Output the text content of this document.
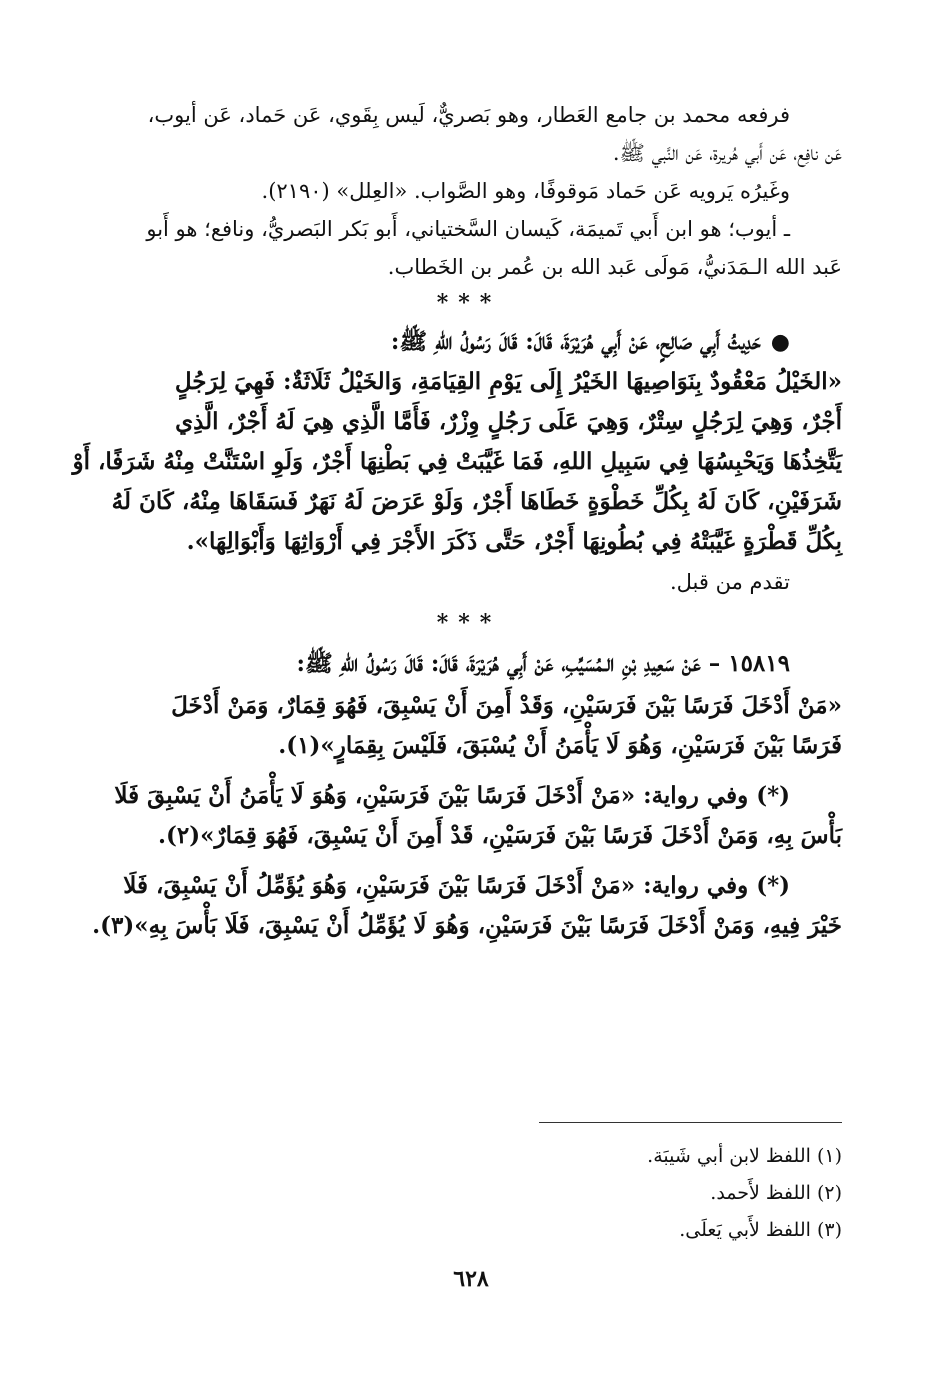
فرفعه محمد بن جامع العَطار، وهو بَصريٌّ، لَيس بِقَوي، عَن حَماد، عَن أيوب،
عَن نافِع، عَن أَبي هُريرة، عَن النَّبي ﷺ.
وغَيرُه يَرويه عَن حَماد مَوقوفًا، وهو الصَّواب. «العِلل» (٢١٩٠).
ـ أيوب؛ هو ابن أَبي تَميمَة، كَيسان السَّختياني، أَبو بَكر البَصريُّ، ونافع؛ هو أَبو
عَبد الله الـمَدَنيُّ، مَولَى عَبد الله بن عُمر بن الخَطاب.
***
●حَدِيثُ أَبِي صَالِحٍ، عَنْ أَبِي هُرَيْرَةَ، قَالَ: قَالَ رَسُولُ اللهِ ﷺ:
«الخَيْلُ مَعْقُودٌ بِنَوَاصِيهَا الخَيْرُ إِلَى يَوْمِ القِيَامَةِ، وَالخَيْلُ ثَلَاثَةٌ: فَهِيَ لِرَجُلٍ
أَجْرٌ، وَهِيَ لِرَجُلٍ سِتْرٌ، وَهِيَ عَلَى رَجُلٍ وِزْرٌ، فَأَمَّا الَّذِي هِيَ لَهُ أَجْرٌ، الَّذِي
يَتَّخِذُهَا وَيَحْبِسُهَا فِي سَبِيلِ اللهِ، فَمَا غَيَّبَتْ فِي بَطْنِهَا أَجْرٌ، وَلَوِ اسْتَنَّتْ مِنْهُ شَرَفًا، أَوْ
شَرَفَيْنِ، كَانَ لَهُ بِكُلِّ خَطْوَةٍ خَطَاهَا أَجْرٌ، وَلَوْ عَرَضَ لَهُ نَهَرٌ فَسَقَاهَا مِنْهُ، كَانَ لَهُ
بِكُلِّ قَطْرَةٍ غَيَّبَتْهُ فِي بُطُونِهَا أَجْرٌ، حَتَّى ذَكَرَ الأَجْرَ فِي أَرْوَاثِهَا وَأَبْوَالِهَا».
تقدم من قبل.
***
١٥٨١٩ – عَنْ سَعِيدِ بْنِ الـمُسَيِّبِ، عَنْ أَبِي هُرَيْرَةَ، قَالَ: قَالَ رَسُولُ اللهِ ﷺ:
«مَنْ أَدْخَلَ فَرَسًا بَيْنَ فَرَسَيْنِ، وَقَدْ أَمِنَ أَنْ يَسْبِقَ، فَهُوَ قِمَارٌ، وَمَنْ أَدْخَلَ
فَرَسًا بَيْنَ فَرَسَيْنِ، وَهُوَ لَا يَأْمَنُ أَنْ يُسْبَقَ، فَلَيْسَ بِقِمَارٍ»(١).
(*) وفي رواية: «مَنْ أَدْخَلَ فَرَسًا بَيْنَ فَرَسَيْنِ، وَهُوَ لَا يَأْمَنُ أَنْ يَسْبِقَ فَلَا
بَأْسَ بِهِ، وَمَنْ أَدْخَلَ فَرَسًا بَيْنَ فَرَسَيْنِ، قَدْ أَمِنَ أَنْ يَسْبِقَ، فَهُوَ قِمَارٌ»(٢).
(*) وفي رواية: «مَنْ أَدْخَلَ فَرَسًا بَيْنَ فَرَسَيْنِ، وَهُوَ يُؤَمِّلُ أَنْ يَسْبِقَ، فَلَا
خَيْرَ فِيهِ، وَمَنْ أَدْخَلَ فَرَسًا بَيْنَ فَرَسَيْنِ، وَهُوَ لَا يُؤَمِّلُ أَنْ يَسْبِقَ، فَلَا بَأْسَ بِهِ»(٣).
(١) اللفظ لابن أبي شَيبَة.
(٢) اللفظ لأَحمد.
(٣) اللفظ لأَبي يَعلَى.
٦٢٨
